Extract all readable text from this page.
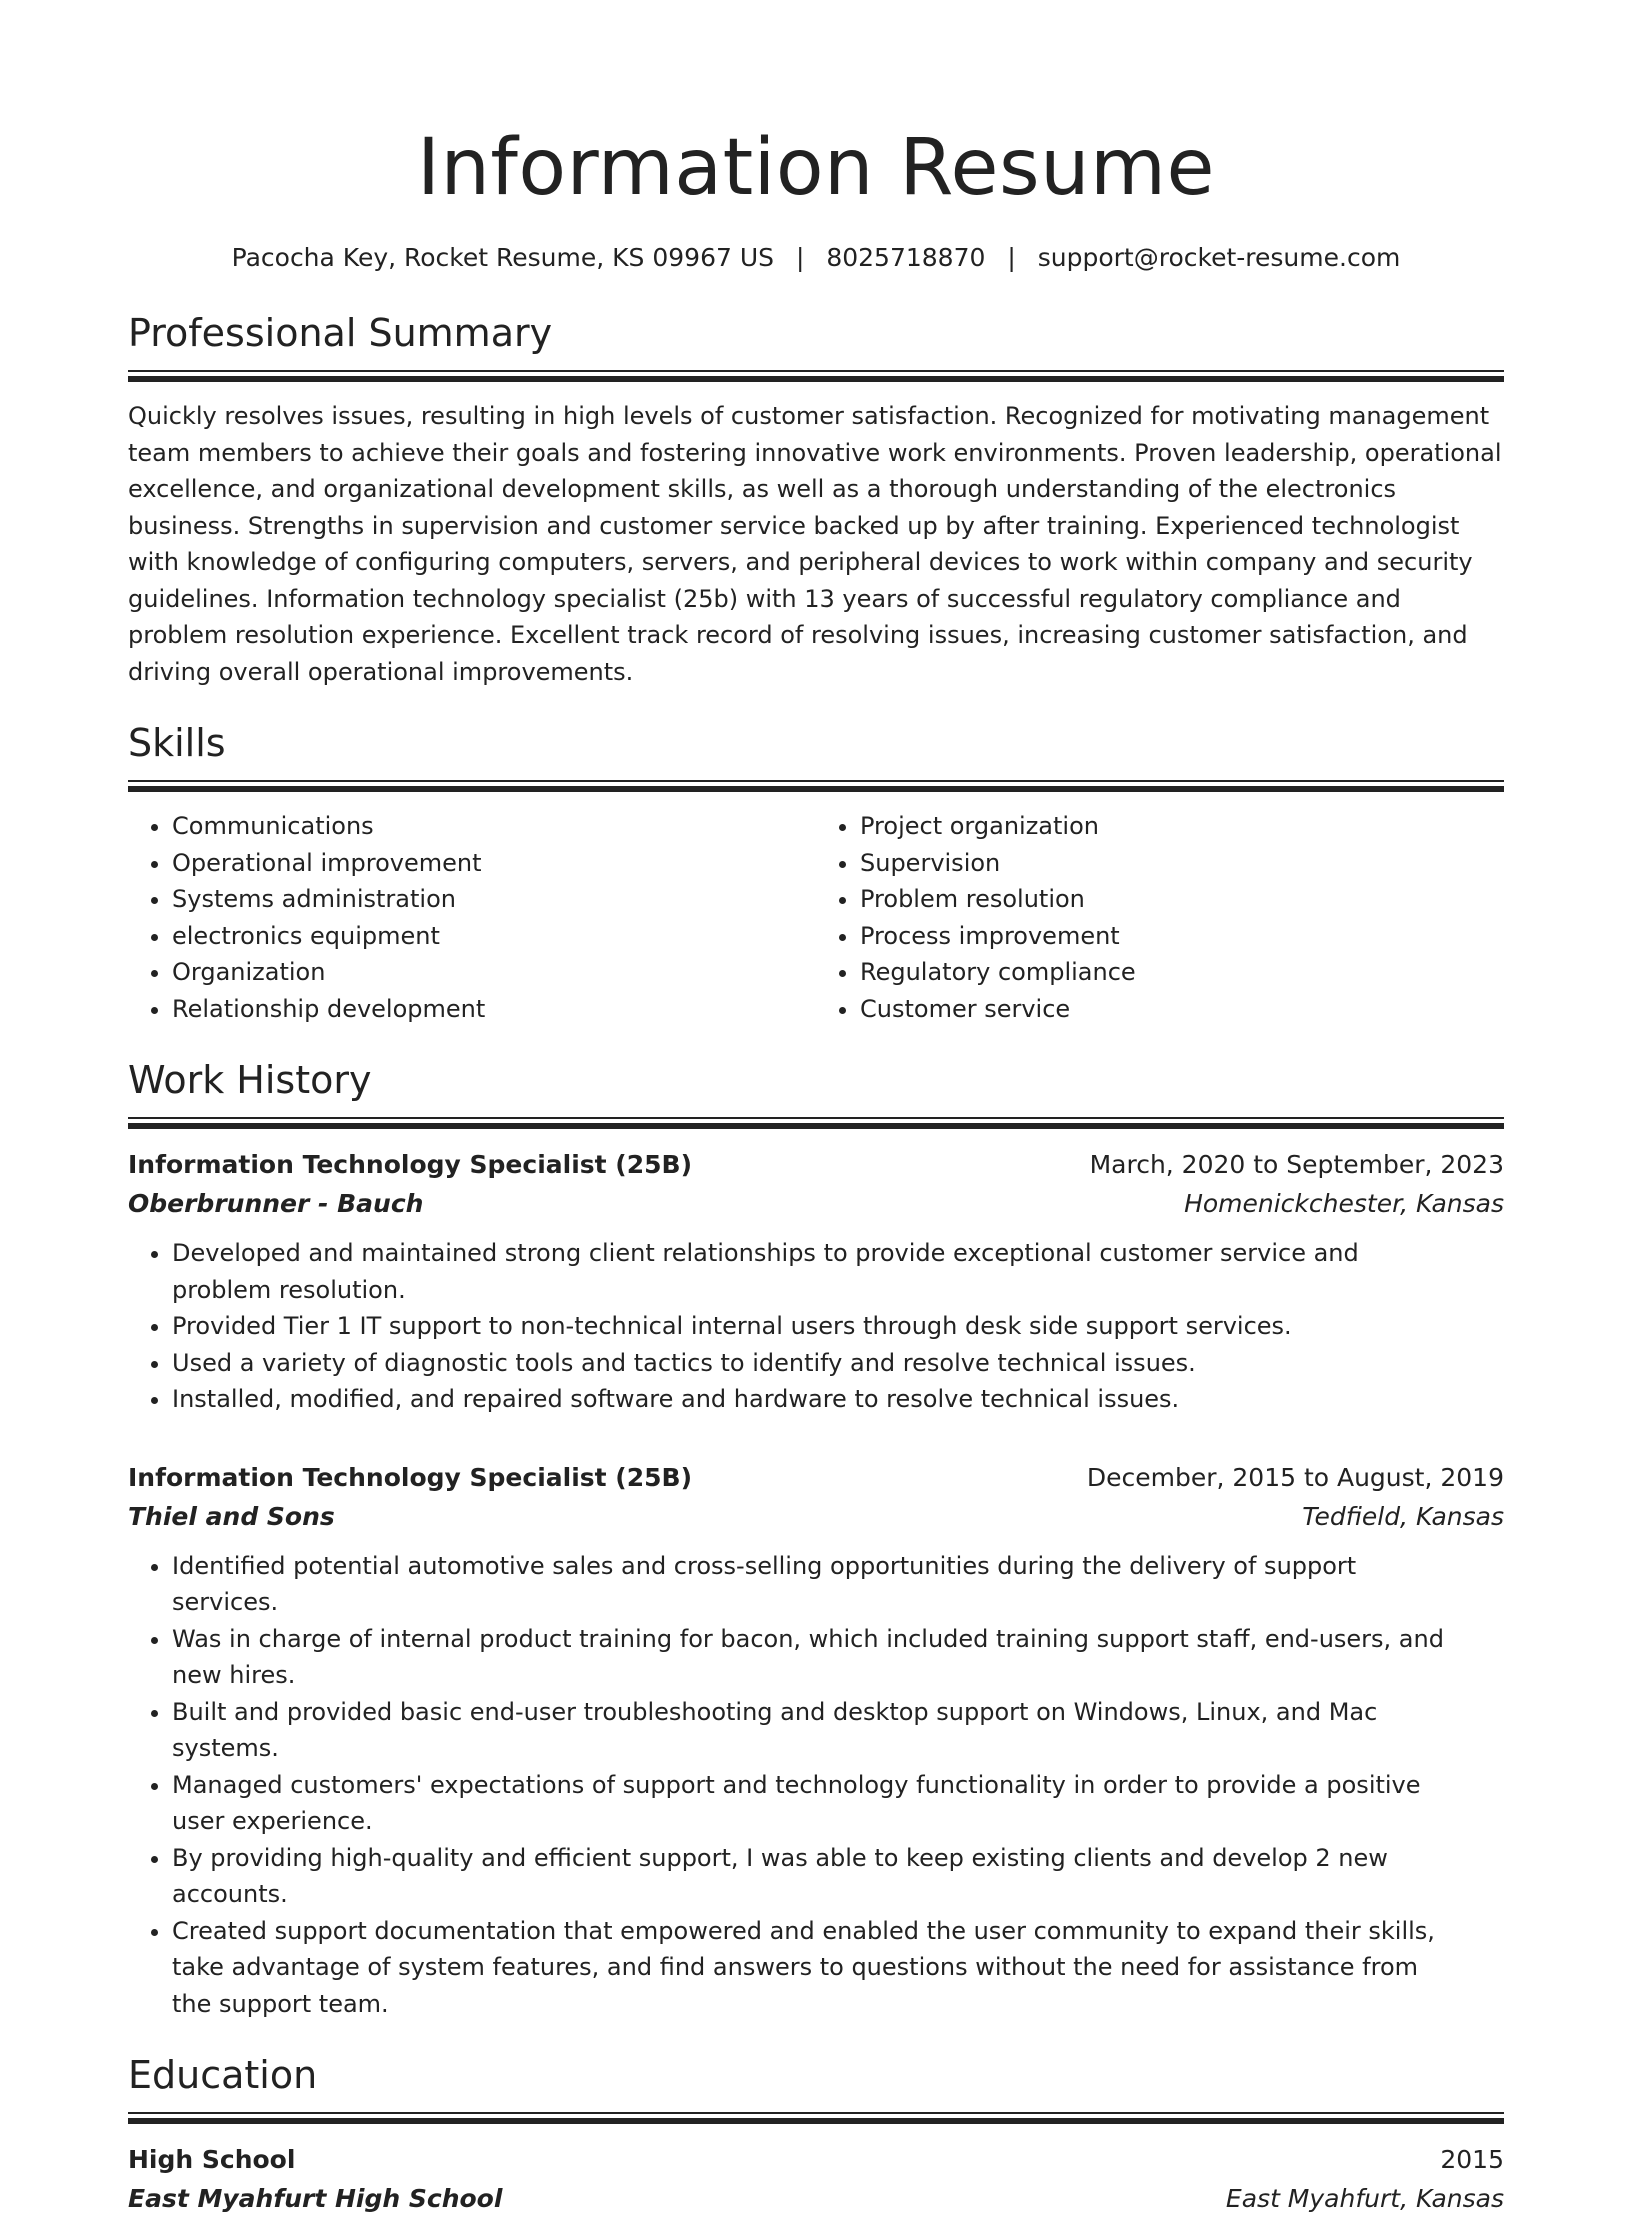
Information Resume
Pacocha Key, Rocket Resume, KS 09967 US | 8025718870 | support@rocket-resume.com
Professional Summary

Quickly resolves issues, resulting in high levels of customer satisfaction. Recognized for motivating management team members to achieve their goals and fostering innovative work environments. Proven leadership, operational excellence, and organizational development skills, as well as a thorough understanding of the electronics business. Strengths in supervision and customer service backed up by after training. Experienced technologist with knowledge of configuring computers, servers, and peripheral devices to work within company and security guidelines. Information technology specialist (25b) with 13 years of successful regulatory compliance and problem resolution experience. Excellent track record of resolving issues, increasing customer satisfaction, and driving overall operational improvements.

Skills
• Communications
• Operational improvement
• Systems administration
• electronics equipment
• Organization
• Relationship development
• Project organization
• Supervision
• Problem resolution
• Process improvement
• Regulatory compliance
• Customer service
Work History
Information Technology Specialist (25B)	March, 2020 to September, 2023
Oberbrunner - Bauch	Homenickchester, Kansas
• Developed and maintained strong client relationships to provide exceptional customer service and problem resolution.
• Provided Tier 1 IT support to non-technical internal users through desk side support services.
• Used a variety of diagnostic tools and tactics to identify and resolve technical issues.
• Installed, modified, and repaired software and hardware to resolve technical issues.
Information Technology Specialist (25B)	December, 2015 to August, 2019
Thiel and Sons	Tedfield, Kansas
• Identified potential automotive sales and cross-selling opportunities during the delivery of support services.
• Was in charge of internal product training for bacon, which included training support staff, end-users, and new hires.
• Built and provided basic end-user troubleshooting and desktop support on Windows, Linux, and Mac systems.
• Managed customers' expectations of support and technology functionality in order to provide a positive user experience.
• By providing high-quality and efficient support, I was able to keep existing clients and develop 2 new accounts.
• Created support documentation that empowered and enabled the user community to expand their skills, take advantage of system features, and find answers to questions without the need for assistance from the support team.
Education
High School	2015
East Myahfurt High School	East Myahfurt, Kansas
